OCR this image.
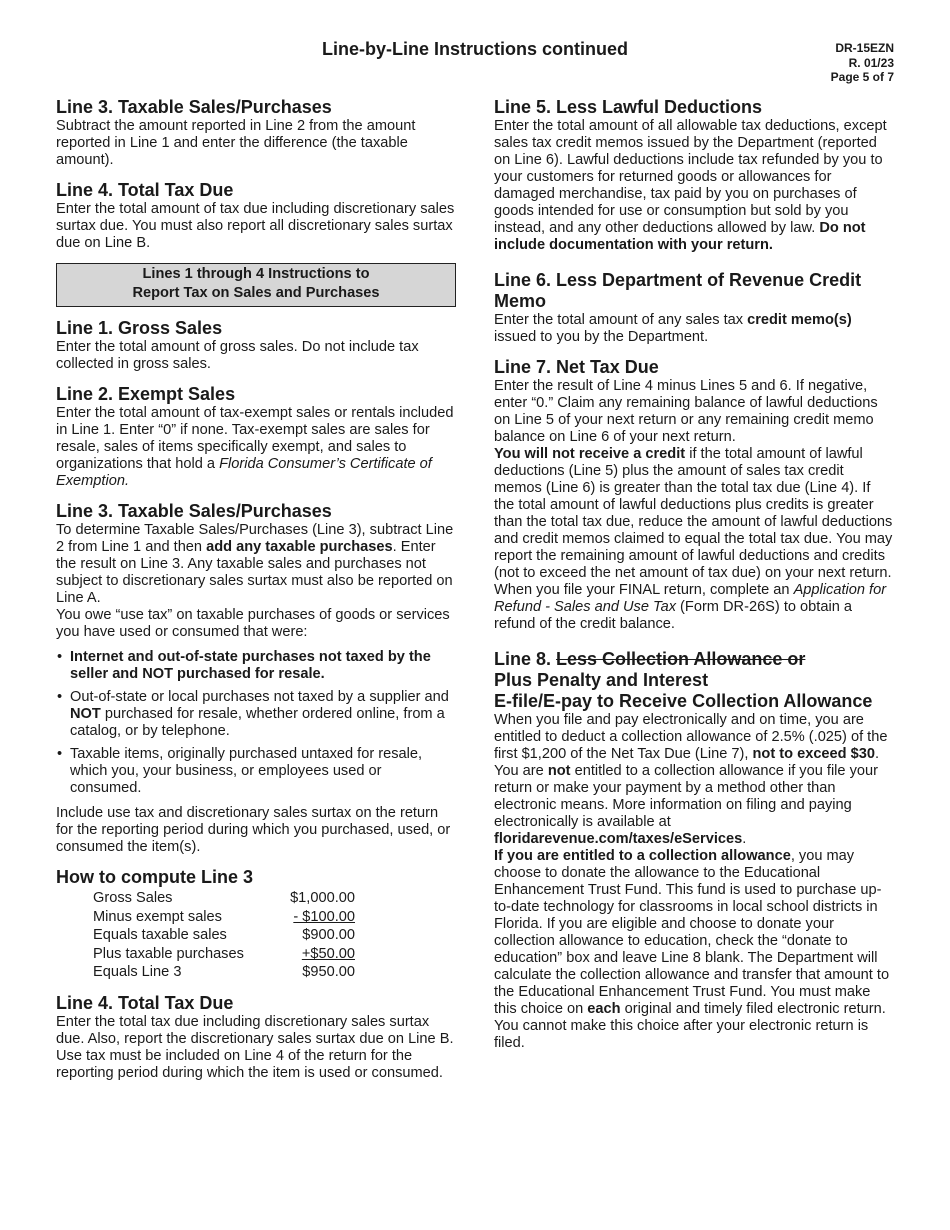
Line-by-Line Instructions continued	DR-15EZN
R. 01/23
Page 5 of 7
Line 3. Taxable Sales/Purchases

Subtract the amount reported in Line 2 from the amount reported in Line 1 and enter the difference (the taxable amount).

Line 4. Total Tax Due

Enter the total amount of tax due including discretionary sales surtax due. You must also report all discretionary sales surtax due on Line B.

Lines 1 through 4 Instructions to
Report Tax on Sales and Purchases
Line 1. Gross Sales

Enter the total amount of gross sales. Do not include tax collected in gross sales.

Line 2. Exempt Sales

Enter the total amount of tax-exempt sales or rentals included in Line 1. Enter “0” if none. Tax-exempt sales are sales for resale, sales of items specifically exempt, and sales to organizations that hold a Florida Consumer’s Certificate of Exemption.

Line 3. Taxable Sales/Purchases

To determine Taxable Sales/Purchases (Line 3), subtract Line 2 from Line 1 and then add any taxable purchases. Enter the result on Line 3. Any taxable sales and purchases not subject to discretionary sales surtax must also be reported on Line A.

You owe “use tax” on taxable purchases of goods or services you have used or consumed that were:

• Internet and out-of-state purchases not taxed by the seller and NOT purchased for resale.
• Out-of-state or local purchases not taxed by a supplier and NOT purchased for resale, whether ordered online, from a catalog, or by telephone.
• Taxable items, originally purchased untaxed for resale, which you, your business, or employees used or consumed.

Include use tax and discretionary sales surtax on the return for the reporting period during which you purchased, used, or consumed the item(s).

How to compute Line 3
Gross Sales	$1,000.00
Minus exempt sales	- $100.00
Equals taxable sales	$900.00
Plus taxable purchases	+$50.00
Equals Line 3	$950.00
Line 4. Total Tax Due

Enter the total tax due including discretionary sales surtax due. Also, report the discretionary sales surtax due on Line B. Use tax must be included on Line 4 of the return for the reporting period during which the item is used or consumed.

Line 5. Less Lawful Deductions

Enter the total amount of all allowable tax deductions, except sales tax credit memos issued by the Department (reported on Line 6). Lawful deductions include tax refunded by you to your customers for returned goods or allowances for damaged merchandise, tax paid by you on purchases of goods intended for use or consumption but sold by you instead, and any other deductions allowed by law. Do not include documentation with your return.

Line 6. Less Department of Revenue Credit Memo

Enter the total amount of any sales tax credit memo(s) issued to you by the Department.

Line 7. Net Tax Due

Enter the result of Line 4 minus Lines 5 and 6. If negative, enter “0.” Claim any remaining balance of lawful deductions on Line 5 of your next return or any remaining credit memo balance on Line 6 of your next return.

You will not receive a credit if the total amount of lawful deductions (Line 5) plus the amount of sales tax credit memos (Line 6) is greater than the total tax due (Line 4). If the total amount of lawful deductions plus credits is greater than the total tax due, reduce the amount of lawful deductions and credit memos claimed to equal the total tax due. You may report the remaining amount of lawful deductions and credits (not to exceed the net amount of tax due) on your next return. When you file your FINAL return, complete an Application for Refund - Sales and Use Tax (Form DR-26S) to obtain a refund of the credit balance.

Line 8. Less Collection Allowance or
Plus Penalty and Interest
E-file/E-pay to Receive Collection Allowance

When you file and pay electronically and on time, you are entitled to deduct a collection allowance of 2.5% (.025) of the first $1,200 of the Net Tax Due (Line 7), not to exceed $30.

You are not entitled to a collection allowance if you file your return or make your payment by a method other than electronic means. More information on filing and paying electronically is available at floridarevenue.com/taxes/eServices.

If you are entitled to a collection allowance, you may choose to donate the allowance to the Educational Enhancement Trust Fund. This fund is used to purchase up-to-date technology for classrooms in local school districts in Florida. If you are eligible and choose to donate your collection allowance to education, check the “donate to education” box and leave Line 8 blank. The Department will calculate the collection allowance and transfer that amount to the Educational Enhancement Trust Fund. You must make this choice on each original and timely filed electronic return. You cannot make this choice after your electronic return is filed.
